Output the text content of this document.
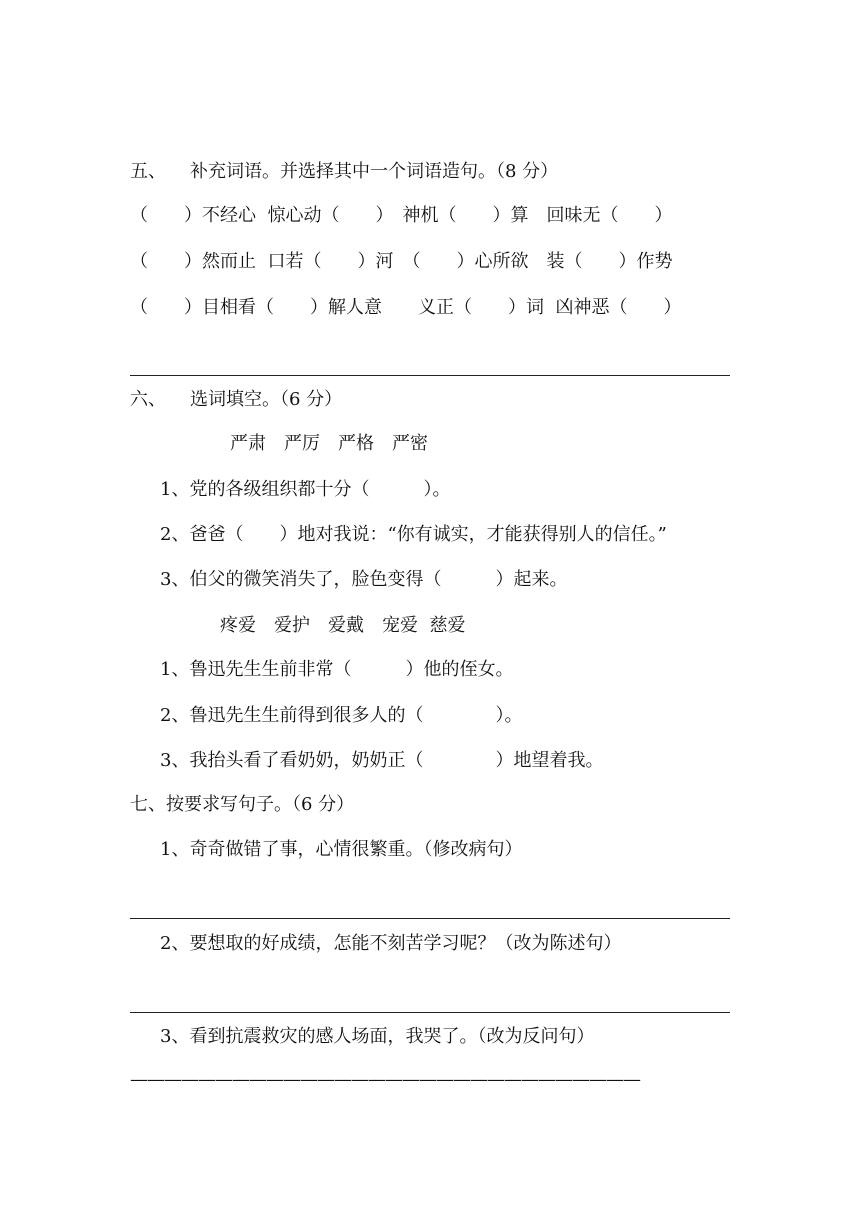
五、 补充词语。并选择其中一个词语造句。（8 分）
（　　）不经心  惊心动（　　）　神机（　　）算　回味无（　　）
（　　）然而止  口若（　　）河　（　　）心所欲　装（　　）作势
（　　）目相看（　　）解人意　　义正（　　）词  凶神恶（　　）
六、 选词填空。（6 分）
严肃　严厉　严格　严密
1、党的各级组织都十分（　　　）。
2、爸爸（　　）地对我说：“你有诚实，才能获得别人的信任。”
3、伯父的微笑消失了，脸色变得（　　　）起来。
疼爱　爱护　爱戴　宠爱  慈爱
1、鲁迅先生生前非常（　　　）他的侄女。
2、鲁迅先生生前得到很多人的（　　　　）。
3、我抬头看了看奶奶，奶奶正（　　　　）地望着我。
七、按要求写句子。（6 分）
1、奇奇做错了事，心情很繁重。（修改病句）
2、要想取的好成绩，怎能不刻苦学习呢？（改为陈述句）
3、看到抗震救灾的感人场面，我哭了。（改为反问句）
——————————————————————————————
